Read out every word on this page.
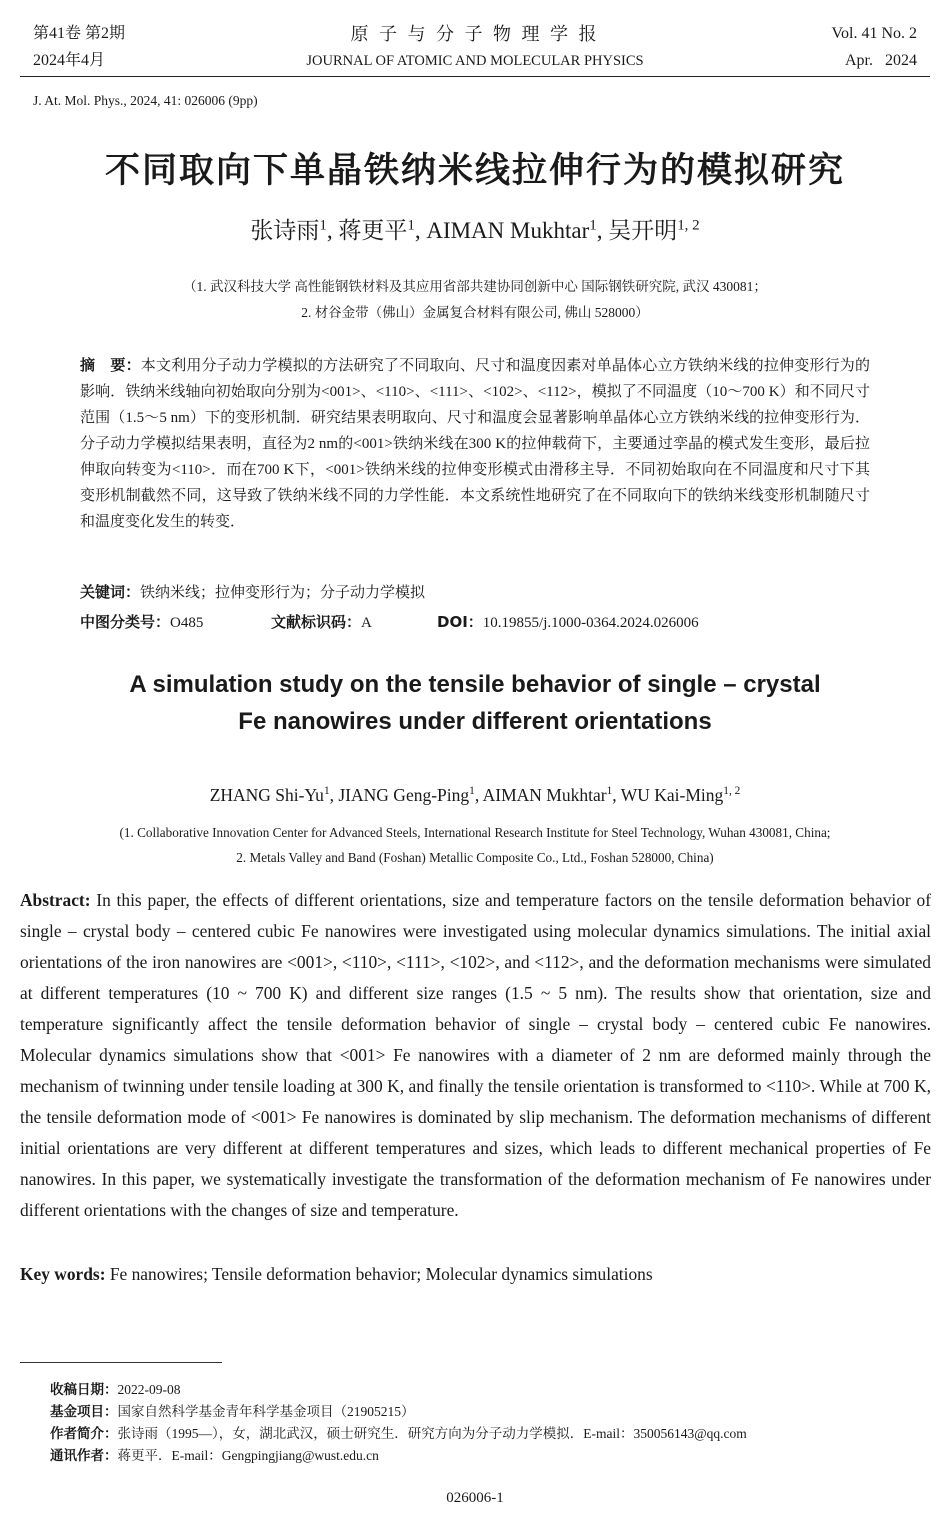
第41卷 第2期
2024年4月
原 子 与 分 子 物 理 学 报
JOURNAL OF ATOMIC AND MOLECULAR PHYSICS
Vol. 41 No. 2
Apr.   2024
J. At. Mol. Phys., 2024, 41: 026006 (9pp)
不同取向下单晶铁纳米线拉伸行为的模拟研究
张诗雨$^1$, 蒋更平$^1$, AIMAN Mukhtar$^1$, 吴开明$^{1, 2}$
（1. 武汉科技大学 高性能钢铁材料及其应用省部共建协同创新中心 国际钢铁研究院, 武汉 430081；
2. 材谷金带（佛山）金属复合材料有限公司, 佛山 528000）
摘　要：本文利用分子动力学模拟的方法研究了不同取向、尺寸和温度因素对单晶体心立方铁纳米线的拉伸变形行为的影响．铁纳米线轴向初始取向分别为<001>、<110>、<111>、<102>、<112>，模拟了不同温度（10～700 K）和不同尺寸范围（1.5～5 nm）下的变形机制．研究结果表明取向、尺寸和温度会显著影响单晶体心立方铁纳米线的拉伸变形行为．分子动力学模拟结果表明，直径为2 nm的<001>铁纳米线在300 K的拉伸载荷下，主要通过孪晶的模式发生变形，最后拉伸取向转变为<110>．而在700 K下，<001>铁纳米线的拉伸变形模式由滑移主导．不同初始取向在不同温度和尺寸下其变形机制截然不同，这导致了铁纳米线不同的力学性能．本文系统性地研究了在不同取向下的铁纳米线变形机制随尺寸和温度变化发生的转变．
关键词：铁纳米线；拉伸变形行为；分子动力学模拟
中图分类号：O485	文献标识码：A	DOI：10.19855/j.1000-0364.2024.026006
A simulation study on the tensile behavior of single – crystal
Fe nanowires under different orientations
ZHANG Shi-Yu$^1$, JIANG Geng-Ping$^1$, AIMAN Mukhtar$^1$, WU Kai-Ming$^{1, 2}$
(1. Collaborative Innovation Center for Advanced Steels, International Research Institute for Steel Technology, Wuhan 430081, China;
2. Metals Valley and Band (Foshan) Metallic Composite Co., Ltd., Foshan 528000, China)
Abstract: In this paper, the effects of different orientations, size and temperature factors on the tensile deformation behavior of single – crystal body – centered cubic Fe nanowires were investigated using molecular dynamics simulations. The initial axial orientations of the iron nanowires are <001>, <110>, <111>, <102>, and <112>, and the deformation mechanisms were simulated at different temperatures (10 ~ 700 K) and different size ranges (1.5 ~ 5 nm). The results show that orientation, size and temperature significantly affect the tensile deformation behavior of single – crystal body – centered cubic Fe nanowires. Molecular dynamics simulations show that <001> Fe nanowires with a diameter of 2 nm are deformed mainly through the mechanism of twinning under tensile loading at 300 K, and finally the tensile orientation is transformed to <110>. While at 700 K, the tensile deformation mode of <001> Fe nanowires is dominated by slip mechanism. The deformation mechanisms of different initial orientations are very different at different temperatures and sizes, which leads to different mechanical properties of Fe nanowires. In this paper, we systematically investigate the transformation of the deformation mechanism of Fe nanowires under different orientations with the changes of size and temperature.
Key words: Fe nanowires; Tensile deformation behavior; Molecular dynamics simulations
收稿日期：2022-09-08
基金项目：国家自然科学基金青年科学基金项目（21905215）
作者简介：张诗雨（1995—），女，湖北武汉，硕士研究生．研究方向为分子动力学模拟．E-mail：350056143@qq.com
通讯作者：蒋更平．E-mail：Gengpingjiang@wust.edu.cn
026006-1
